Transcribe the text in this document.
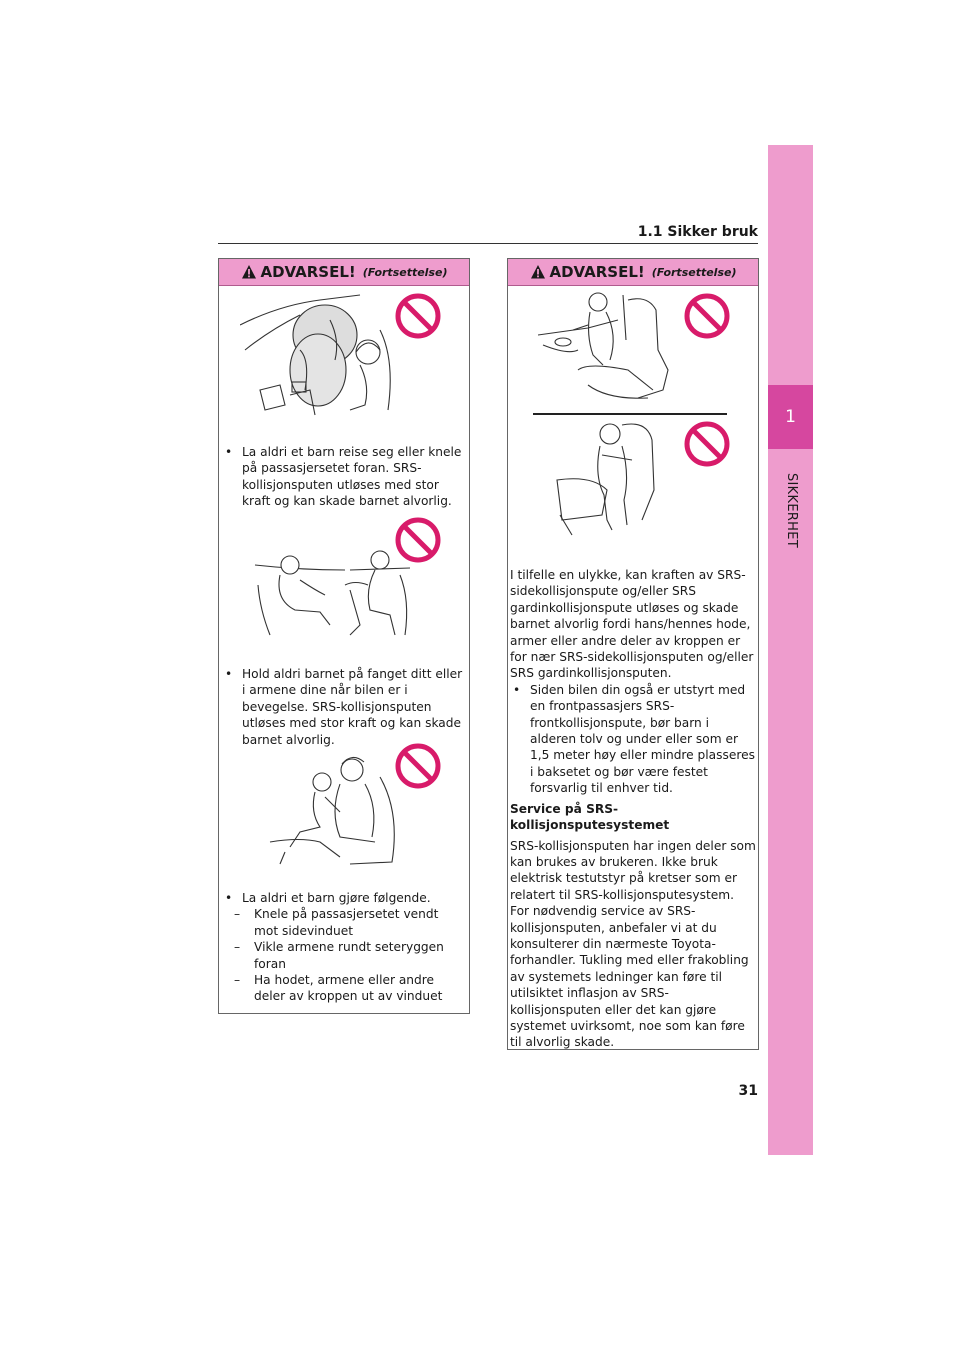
1.1 Sikker bruk
1
SIKKERHET
ADVARSEL! (Fortsettelse)
• La aldri et barn reise seg eller knele på passasjersetet foran. SRS-kollisjonsputen utløses med stor kraft og kan skade barnet alvorlig.
• Hold aldri barnet på fanget ditt eller i armene dine når bilen er i bevegelse. SRS-kollisjonsputen utløses med stor kraft og kan skade barnet alvorlig.
• La aldri et barn gjøre følgende.
– Knele på passasjersetet vendt mot sidevinduet
– Vikle armene rundt seteryggen foran
– Ha hodet, armene eller andre deler av kroppen ut av vinduet
ADVARSEL! (Fortsettelse)

I tilfelle en ulykke, kan kraften av SRS-sidekollisjonspute og/eller SRS gardinkollisjonspute utløses og skade barnet alvorlig fordi hans/hennes hode, armer eller andre deler av kroppen er for nær SRS-sidekollisjonsputen og/eller SRS gardinkollisjonsputen.

• Siden bilen din også er utstyrt med en frontpassasjers SRS-frontkollisjonspute, bør barn i alderen tolv og under eller som er 1,5 meter høy eller mindre plasseres i baksetet og bør være festet forsvarlig til enhver tid.

Service på SRS-kollisjonsputesystemet

SRS-kollisjonsputen har ingen deler som kan brukes av brukeren. Ikke bruk elektrisk testutstyr på kretser som er relatert til SRS-kollisjonsputesystem. For nødvendig service av SRS-kollisjonsputen, anbefaler vi at du konsulterer din nærmeste Toyota-forhandler. Tukling med eller frakobling av systemets ledninger kan føre til utilsiktet inflasjon av SRS-kollisjonsputen eller det kan gjøre systemet uvirksomt, noe som kan føre til alvorlig skade.

31
